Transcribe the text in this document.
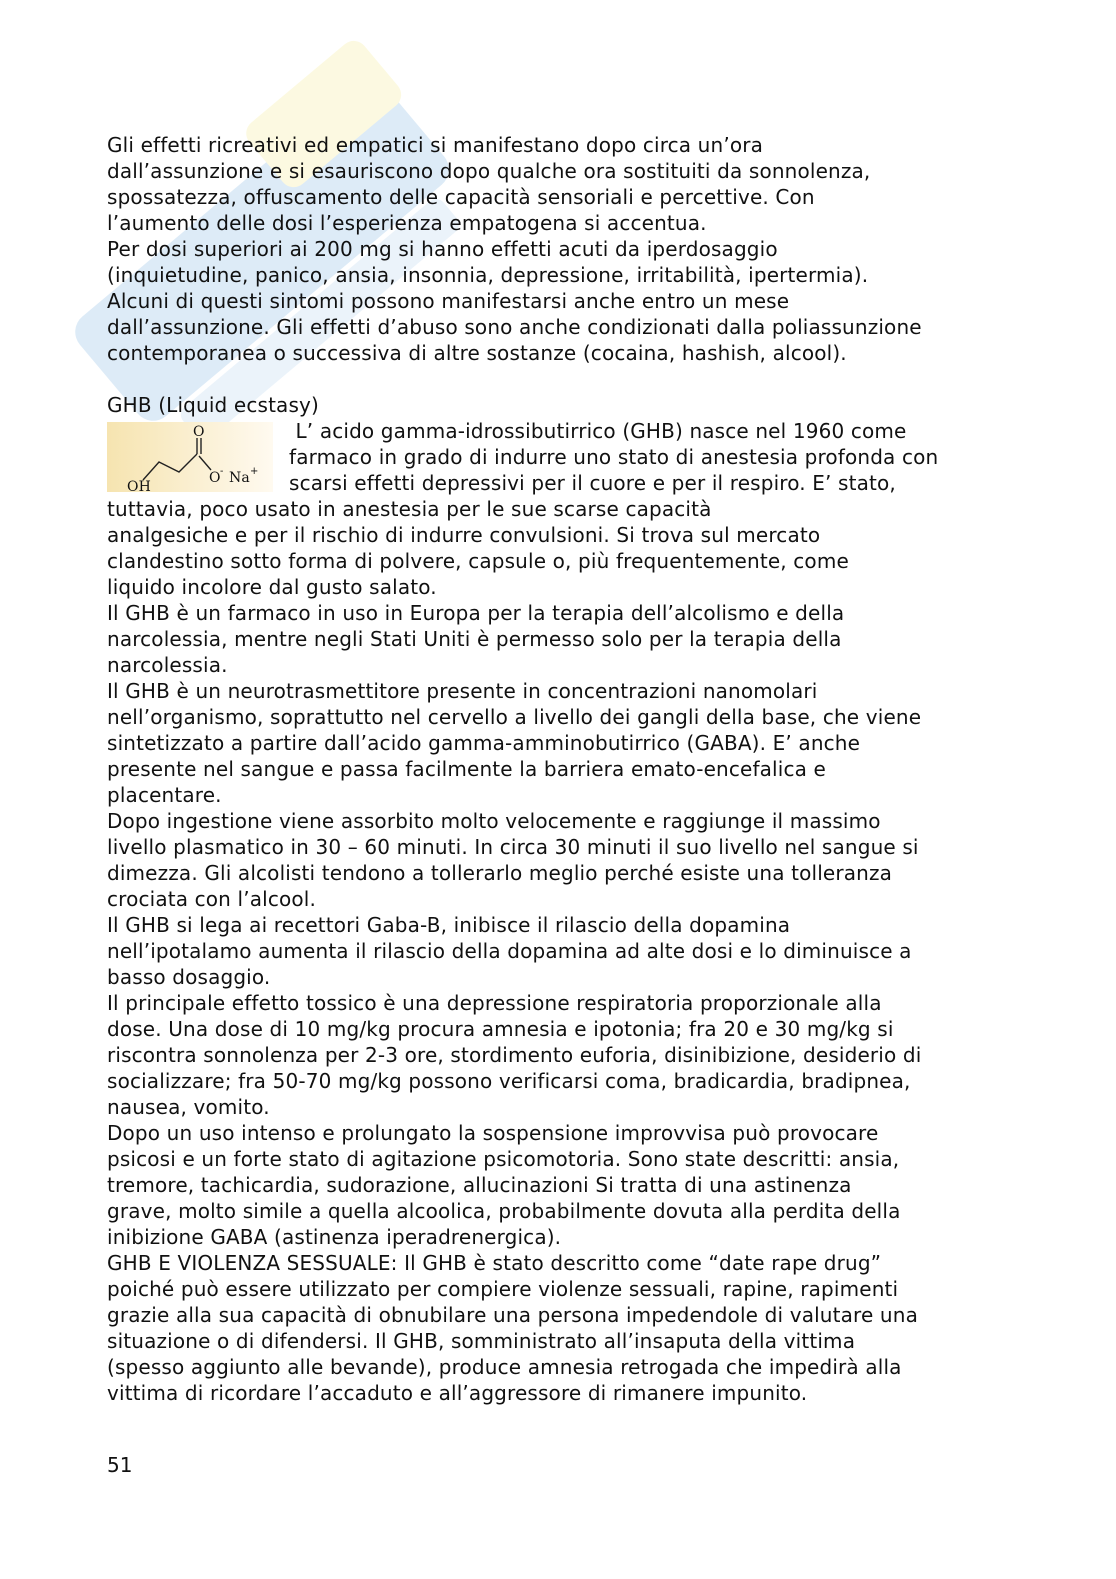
Gli effetti ricreativi ed empatici si manifestano dopo circa un’ora
dall’assunzione e si esauriscono dopo qualche ora sostituiti da sonnolenza,
spossatezza, offuscamento delle capacità sensoriali e percettive. Con
l’aumento delle dosi l’esperienza empatogena si accentua.
Per dosi superiori ai 200 mg si hanno effetti acuti da iperdosaggio
(inquietudine, panico, ansia, insonnia, depressione, irritabilità, ipertermia).
Alcuni di questi sintomi possono manifestarsi anche entro un mese
dall’assunzione. Gli effetti d’abuso sono anche condizionati dalla poliassunzione
contemporanea o successiva di altre sostanze (cocaina, hashish, alcool).
GHB (Liquid ecstasy)
O
O - Na +
OH
L’ acido gamma-idrossibutirrico (GHB) nasce nel 1960 come
farmaco in grado di indurre uno stato di anestesia profonda con
scarsi effetti depressivi per il cuore e per il respiro. E’ stato,
tuttavia, poco usato in anestesia per le sue scarse capacità
analgesiche e per il rischio di indurre convulsioni. Si trova sul mercato
clandestino sotto forma di polvere, capsule o, più frequentemente, come
liquido incolore dal gusto salato.
Il GHB è un farmaco in uso in Europa per la terapia dell’alcolismo e della
narcolessia, mentre negli Stati Uniti è permesso solo per la terapia della
narcolessia.
Il GHB è un neurotrasmettitore presente in concentrazioni nanomolari
nell’organismo, soprattutto nel cervello a livello dei gangli della base, che viene
sintetizzato a partire dall’acido gamma-amminobutirrico (GABA). E’ anche
presente nel sangue e passa facilmente la barriera emato-encefalica e
placentare.
Dopo ingestione viene assorbito molto velocemente e raggiunge il massimo
livello plasmatico in 30 – 60 minuti. In circa 30 minuti il suo livello nel sangue si
dimezza. Gli alcolisti tendono a tollerarlo meglio perché esiste una tolleranza
crociata con l’alcool.
Il GHB si lega ai recettori Gaba-B, inibisce il rilascio della dopamina
nell’ipotalamo aumenta il rilascio della dopamina ad alte dosi e lo diminuisce a
basso dosaggio.
Il principale effetto tossico è una depressione respiratoria proporzionale alla
dose. Una dose di 10 mg/kg procura amnesia e ipotonia; fra 20 e 30 mg/kg si
riscontra sonnolenza per 2-3 ore, stordimento euforia, disinibizione, desiderio di
socializzare; fra 50-70 mg/kg possono verificarsi coma, bradicardia, bradipnea,
nausea, vomito.
Dopo un uso intenso e prolungato la sospensione improvvisa può provocare
psicosi e un forte stato di agitazione psicomotoria. Sono state descritti: ansia,
tremore, tachicardia, sudorazione, allucinazioni Si tratta di una astinenza
grave, molto simile a quella alcoolica, probabilmente dovuta alla perdita della
inibizione GABA (astinenza iperadrenergica).
GHB E VIOLENZA SESSUALE: Il GHB è stato descritto come “date rape drug”
poiché può essere utilizzato per compiere violenze sessuali, rapine, rapimenti
grazie alla sua capacità di obnubilare una persona impedendole di valutare una
situazione o di difendersi. Il GHB, somministrato all’insaputa della vittima
(spesso aggiunto alle bevande), produce amnesia retrogada che impedirà alla
vittima di ricordare l’accaduto e all’aggressore di rimanere impunito.
51
